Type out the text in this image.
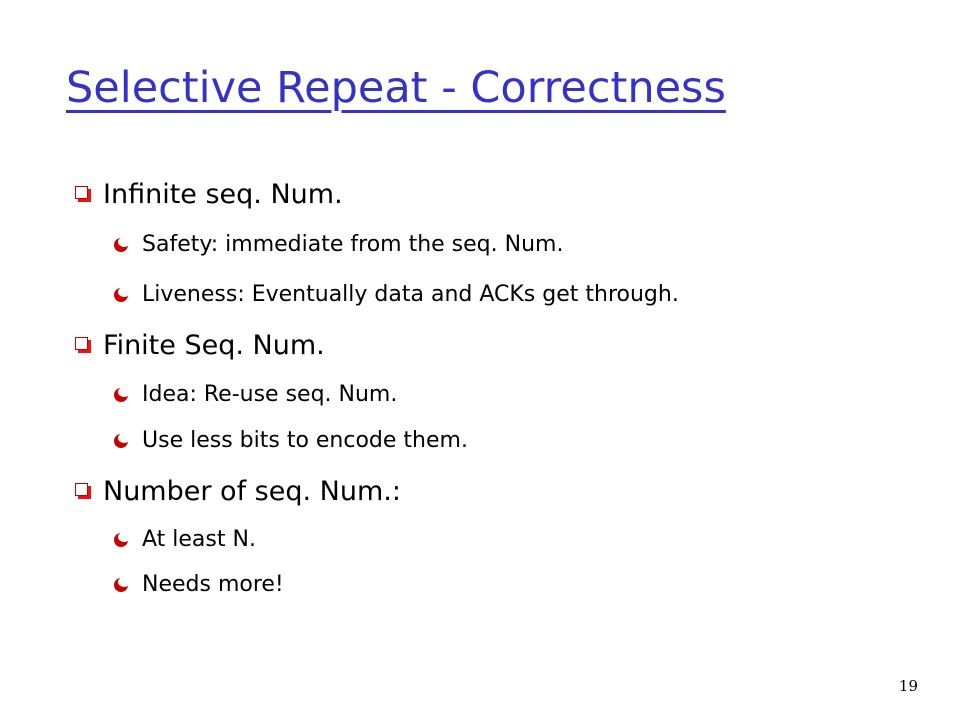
Selective Repeat - Correctness
Infinite seq. Num.
Safety: immediate from the seq. Num.
Liveness: Eventually data and ACKs get through.
Finite Seq. Num.
Idea: Re-use seq. Num.
Use less bits to encode them.
Number of seq. Num.:
At least N.
Needs more!
19
